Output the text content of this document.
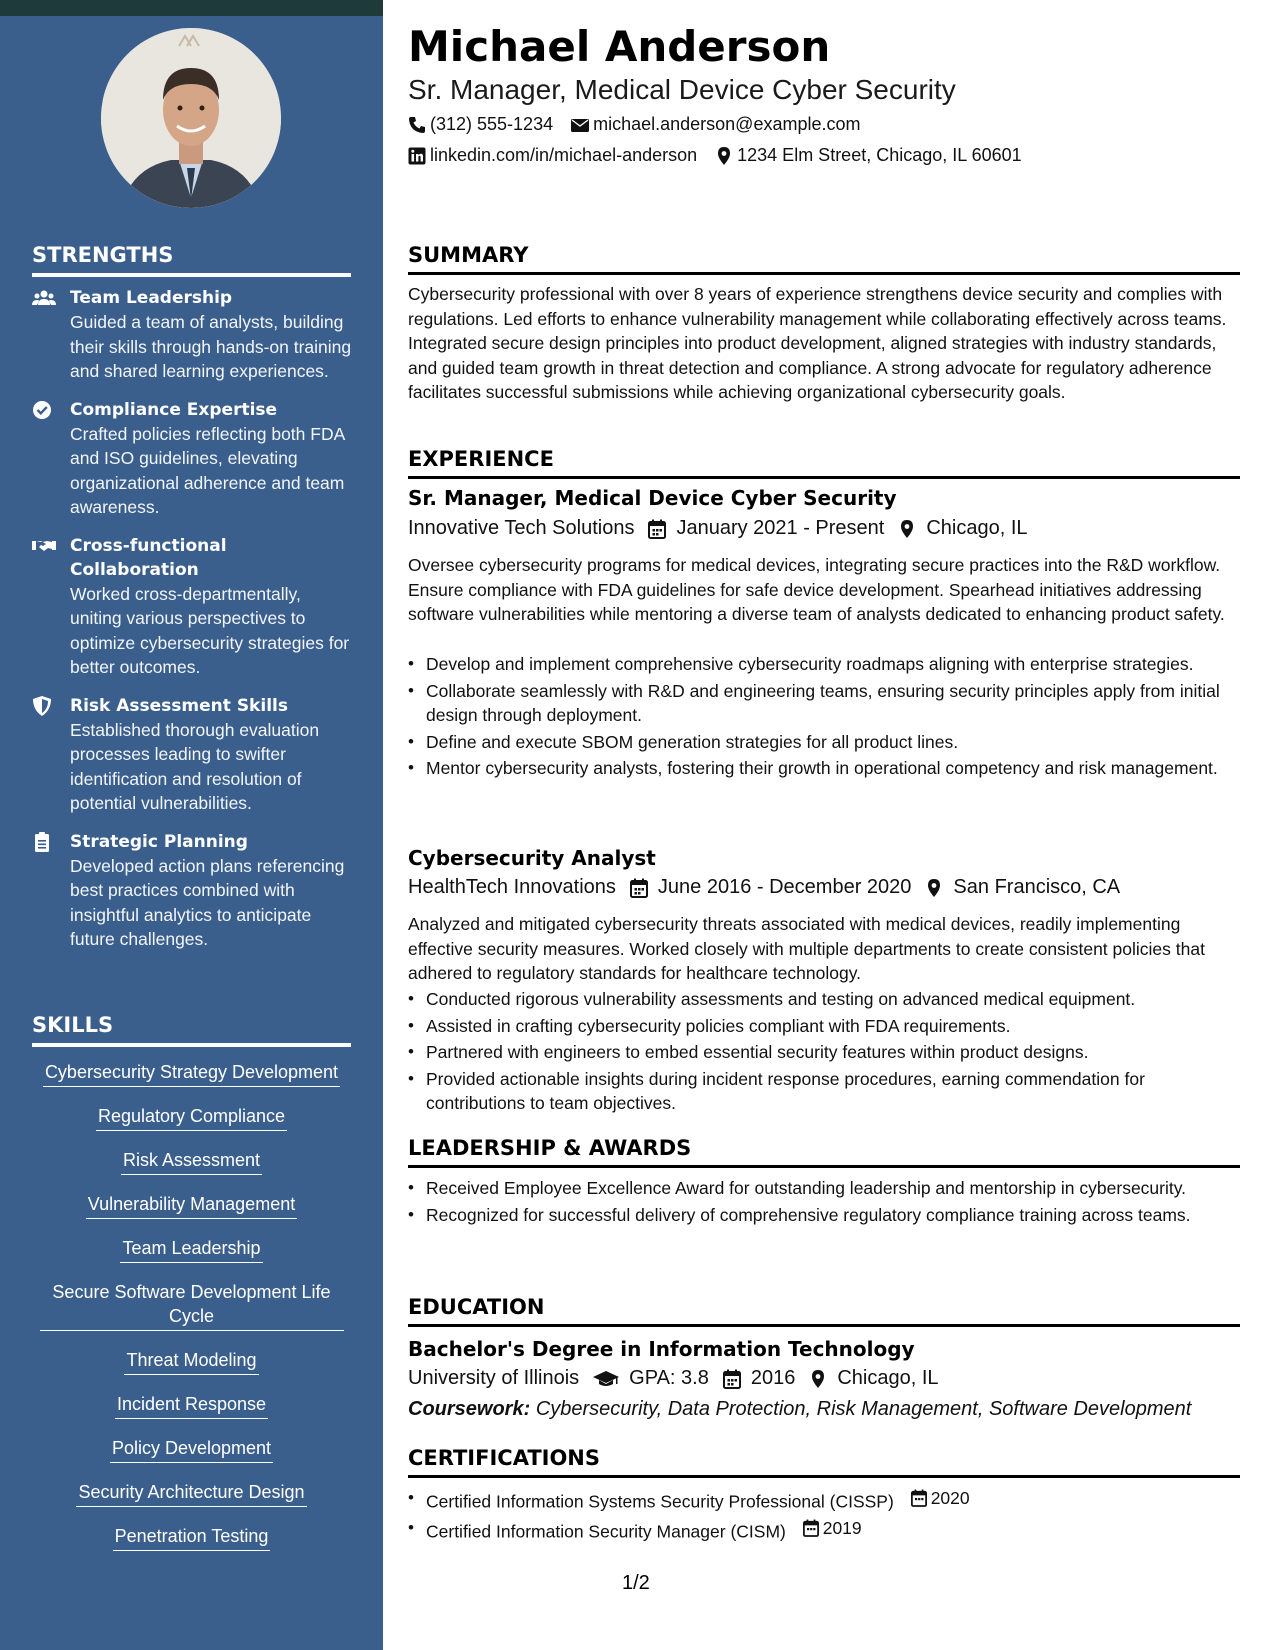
STRENGTHS
Team Leadership
Guided a team of analysts, building their skills through hands-on training and shared learning experiences.
Compliance Expertise
Crafted policies reflecting both FDA and ISO guidelines, elevating organizational adherence and team awareness.
Cross-functional Collaboration
Worked cross-departmentally, uniting various perspectives to optimize cybersecurity strategies for better outcomes.
Risk Assessment Skills
Established thorough evaluation processes leading to swifter identification and resolution of potential vulnerabilities.
Strategic Planning
Developed action plans referencing best practices combined with insightful analytics to anticipate future challenges.
SKILLS
Cybersecurity Strategy Development
Regulatory Compliance
Risk Assessment
Vulnerability Management
Team Leadership
Secure Software Development Life Cycle
Threat Modeling
Incident Response
Policy Development
Security Architecture Design
Penetration Testing
Michael Anderson
Sr. Manager, Medical Device Cyber Security
(312) 555-1234 michael.anderson@example.com
linkedin.com/in/michael-anderson 1234 Elm Street, Chicago, IL 60601
SUMMARY
Cybersecurity professional with over 8 years of experience strengthens device security and complies with regulations. Led efforts to enhance vulnerability management while collaborating effectively across teams. Integrated secure design principles into product development, aligned strategies with industry standards, and guided team growth in threat detection and compliance. A strong advocate for regulatory adherence facilitates successful submissions while achieving organizational cybersecurity goals.
EXPERIENCE
Sr. Manager, Medical Device Cyber Security
Innovative Tech Solutions January 2021 - Present Chicago, IL
Oversee cybersecurity programs for medical devices, integrating secure practices into the R&D workflow. Ensure compliance with FDA guidelines for safe device development. Spearhead initiatives addressing software vulnerabilities while mentoring a diverse team of analysts dedicated to enhancing product safety.
• Develop and implement comprehensive cybersecurity roadmaps aligning with enterprise strategies.
• Collaborate seamlessly with R&D and engineering teams, ensuring security principles apply from initial design through deployment.
• Define and execute SBOM generation strategies for all product lines.
• Mentor cybersecurity analysts, fostering their growth in operational competency and risk management.
Cybersecurity Analyst
HealthTech Innovations June 2016 - December 2020 San Francisco, CA
Analyzed and mitigated cybersecurity threats associated with medical devices, readily implementing effective security measures. Worked closely with multiple departments to create consistent policies that adhered to regulatory standards for healthcare technology.
• Conducted rigorous vulnerability assessments and testing on advanced medical equipment.
• Assisted in crafting cybersecurity policies compliant with FDA requirements.
• Partnered with engineers to embed essential security features within product designs.
• Provided actionable insights during incident response procedures, earning commendation for contributions to team objectives.
LEADERSHIP & AWARDS
• Received Employee Excellence Award for outstanding leadership and mentorship in cybersecurity.
• Recognized for successful delivery of comprehensive regulatory compliance training across teams.
EDUCATION
Bachelor's Degree in Information Technology
University of Illinois	GPA: 3.8 2016 Chicago, IL
Coursework: Cybersecurity, Data Protection, Risk Management, Software Development
CERTIFICATIONS
• Certified Information Systems Security Professional (CISSP) 2020
• Certified Information Security Manager (CISM) 2019
1/2
